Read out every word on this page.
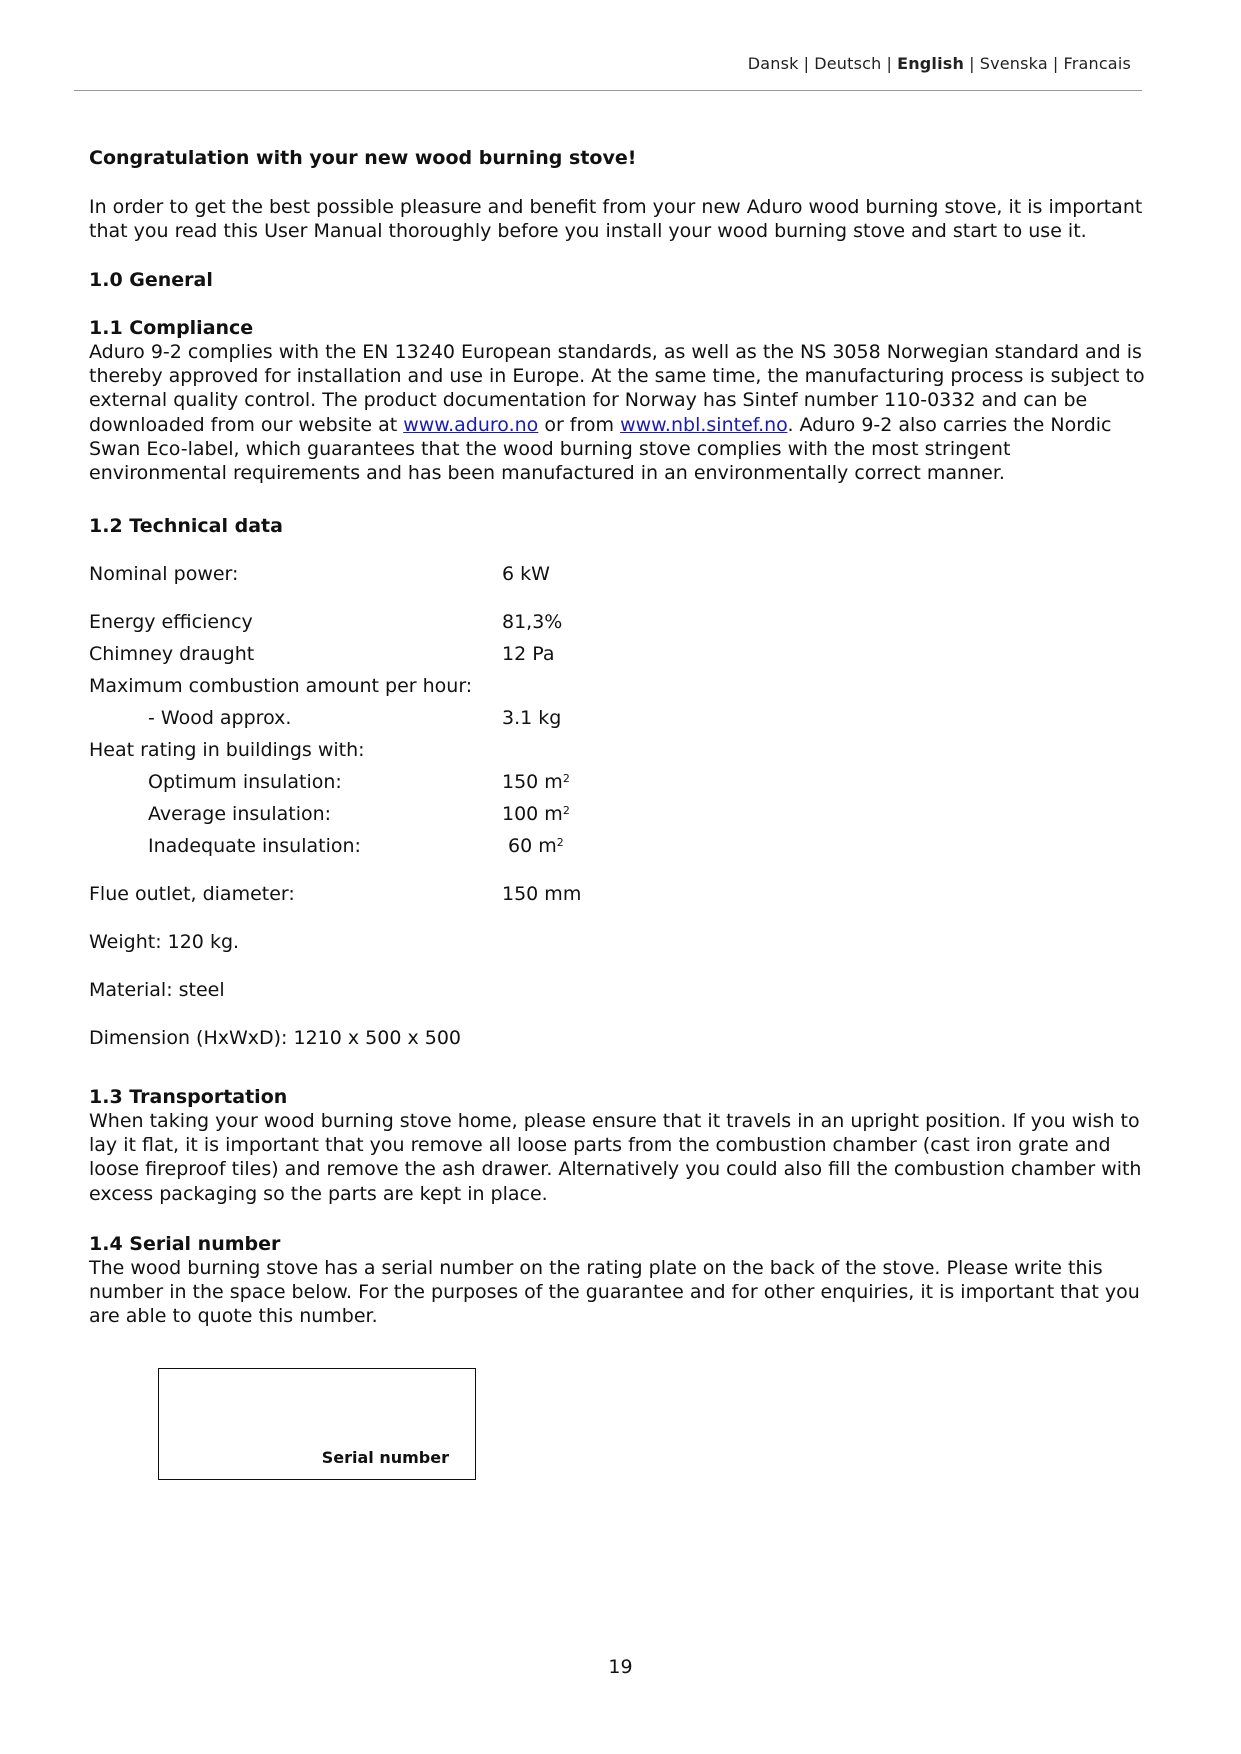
Dansk | Deutsch | English | Svenska | Francais
Congratulation with your new wood burning stove!

In order to get the best possible pleasure and benefit from your new Aduro wood burning stove, it is important that you read this User Manual thoroughly before you install your wood burning stove and start to use it.

1.0 General
1.1 Compliance

Aduro 9-2 complies with the EN 13240 European standards, as well as the NS 3058 Norwegian standard and is thereby approved for installation and use in Europe. At the same time, the manufacturing process is subject to external quality control. The product documentation for Norway has Sintef number 110-0332 and can be downloaded from our website at www.aduro.no or from www.nbl.sintef.no. Aduro 9-2 also carries the Nordic Swan Eco-label, which guarantees that the wood burning stove complies with the most stringent environmental requirements and has been manufactured in an environmentally correct manner.

1.2 Technical data
Nominal power:	6 kW
Energy efficiency	81,3%
Chimney draught	12 Pa
Maximum combustion amount per hour:
- Wood approx.	3.1 kg
Heat rating in buildings with:
Optimum insulation:	150 $m^2$
Average insulation:	100 $m^2$
Inadequate insulation:	60 $m^2$
Flue outlet, diameter:	150 mm
Weight: 120 kg.
Material: steel
Dimension (HxWxD): 1210 x 500 x 500
1.3 Transportation

When taking your wood burning stove home, please ensure that it travels in an upright position. If you wish to lay it flat, it is important that you remove all loose parts from the combustion chamber (cast iron grate and loose fireproof tiles) and remove the ash drawer. Alternatively you could also fill the combustion chamber with excess packaging so the parts are kept in place.

1.4 Serial number

The wood burning stove has a serial number on the rating plate on the back of the stove. Please write this number in the space below. For the purposes of the guarantee and for other enquiries, it is important that you are able to quote this number.

Serial number
19
